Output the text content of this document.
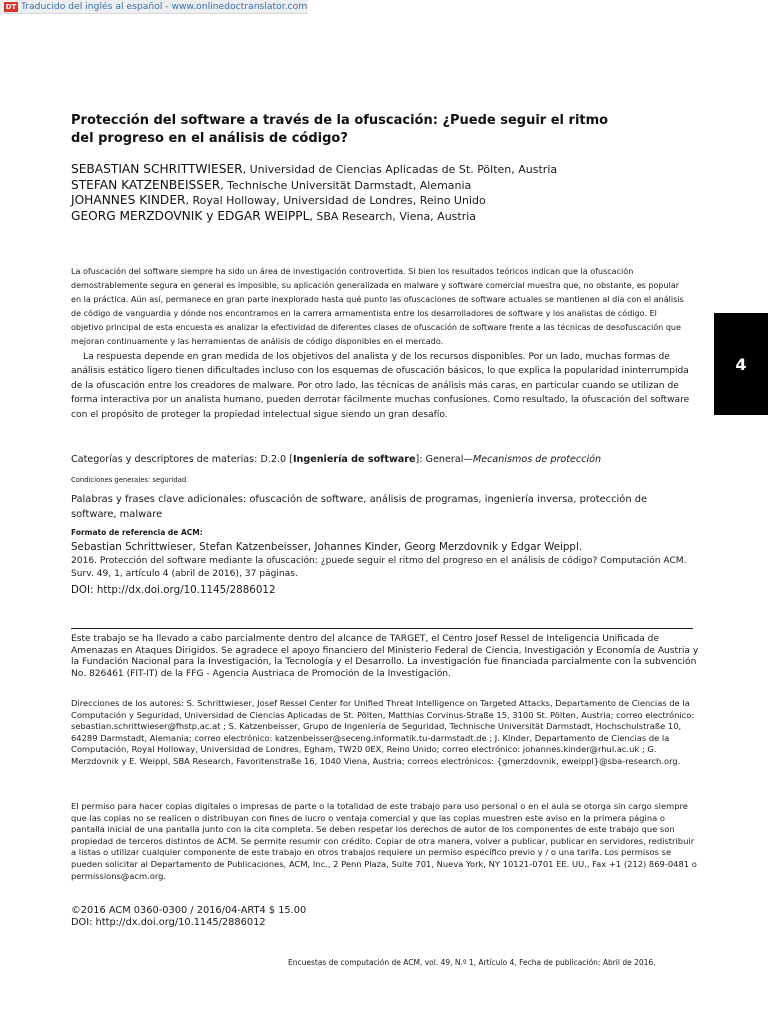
DT Traducido del inglés al español - www.onlinedoctranslator.com
4
Protección del software a través de la ofuscación: ¿Puede seguir el ritmo
del progreso en el análisis de código?
SEBASTIAN SCHRITTWIESER, Universidad de Ciencias Aplicadas de St. Pölten, Austria
STEFAN KATZENBEISSER, Technische Universität Darmstadt, Alemania
JOHANNES KINDER, Royal Holloway, Universidad de Londres, Reino Unido
GEORG MERZDOVNIK y EDGAR WEIPPL, SBA Research, Viena, Austria

La ofuscación del software siempre ha sido un área de investigación controvertida. Si bien los resultados teóricos indican que la ofuscación demostrablemente segura en general es imposible, su aplicación generalizada en malware y software comercial muestra que, no obstante, es popular en la práctica. Aún así, permanece en gran parte inexplorado hasta qué punto las ofuscaciones de software actuales se mantienen al día con el análisis de código de vanguardia y dónde nos encontramos en la carrera armamentista entre los desarrolladores de software y los analistas de código. El objetivo principal de esta encuesta es analizar la efectividad de diferentes clases de ofuscación de software frente a las técnicas de desofuscación que mejoran continuamente y las herramientas de análisis de código disponibles en el mercado.

La respuesta depende en gran medida de los objetivos del analista y de los recursos disponibles. Por un lado, muchas formas de análisis estático ligero tienen dificultades incluso con los esquemas de ofuscación básicos, lo que explica la popularidad ininterrumpida de la ofuscación entre los creadores de malware. Por otro lado, las técnicas de análisis más caras, en particular cuando se utilizan de forma interactiva por un analista humano, pueden derrotar fácilmente muchas confusiones. Como resultado, la ofuscación del software con el propósito de proteger la propiedad intelectual sigue siendo un gran desafío.

Categorías y descriptores de materias: D.2.0 [Ingeniería de software]: General—Mecanismos de protección
Condiciones generales: seguridad
Palabras y frases clave adicionales: ofuscación de software, análisis de programas, ingeniería inversa, protección de software, malware
Formato de referencia de ACM:
Sebastian Schrittwieser, Stefan Katzenbeisser, Johannes Kinder, Georg Merzdovnik y Edgar Weippl.
2016. Protección del software mediante la ofuscación: ¿puede seguir el ritmo del progreso en el análisis de código? Computación ACM. Surv. 49, 1, artículo 4 (abril de 2016), 37 páginas.
DOI: http://dx.doi.org/10.1145/2886012
Este trabajo se ha llevado a cabo parcialmente dentro del alcance de TARGET, el Centro Josef Ressel de Inteligencia Unificada de Amenazas en Ataques Dirigidos. Se agradece el apoyo financiero del Ministerio Federal de Ciencia, Investigación y Economía de Austria y la Fundación Nacional para la Investigación, la Tecnología y el Desarrollo. La investigación fue financiada parcialmente con la subvención No. 826461 (FIT-IT) de la FFG - Agencia Austriaca de Promoción de la Investigación.
Direcciones de los autores: S. Schrittwieser, Josef Ressel Center for Unified Threat Intelligence on Targeted Attacks, Departamento de Ciencias de la Computación y Seguridad, Universidad de Ciencias Aplicadas de St. Pölten, Matthias Corvinus-Straße 15, 3100 St. Pölten, Austria; correo electrónico: sebastian.schrittwieser@fhstp.ac.at ; S. Katzenbeisser, Grupo de Ingeniería de Seguridad, Technische Universität Darmstadt, Hochschulstraße 10, 64289 Darmstadt, Alemania; correo electrónico: katzenbeisser@seceng.informatik.tu-darmstadt.de ; J. Kinder, Departamento de Ciencias de la Computación, Royal Holloway, Universidad de Londres, Egham, TW20 0EX, Reino Unido; correo electrónico: johannes.kinder@rhul.ac.uk ; G. Merzdovnik y E. Weippl, SBA Research, Favoritenstraße 16, 1040 Viena, Austria; correos electrónicos: {gmerzdovnik, eweippl}@sba-research.org.
El permiso para hacer copias digitales o impresas de parte o la totalidad de este trabajo para uso personal o en el aula se otorga sin cargo siempre que las copias no se realicen o distribuyan con fines de lucro o ventaja comercial y que las copias muestren este aviso en la primera página o pantalla inicial de una pantalla junto con la cita completa. Se deben respetar los derechos de autor de los componentes de este trabajo que son propiedad de terceros distintos de ACM. Se permite resumir con crédito. Copiar de otra manera, volver a publicar, publicar en servidores, redistribuir a listas o utilizar cualquier componente de este trabajo en otros trabajos requiere un permiso específico previo y / o una tarifa. Los permisos se pueden solicitar al Departamento de Publicaciones, ACM, Inc., 2 Penn Plaza, Suite 701, Nueva York, NY 10121-0701 EE. UU., Fax +1 (212) 869-0481 o permissions@acm.org.
©2016 ACM 0360-0300 / 2016/04-ART4 $ 15.00
DOI: http://dx.doi.org/10.1145/2886012
Encuestas de computación de ACM, vol. 49, N.º 1, Artículo 4, Fecha de publicación: Abril de 2016.
